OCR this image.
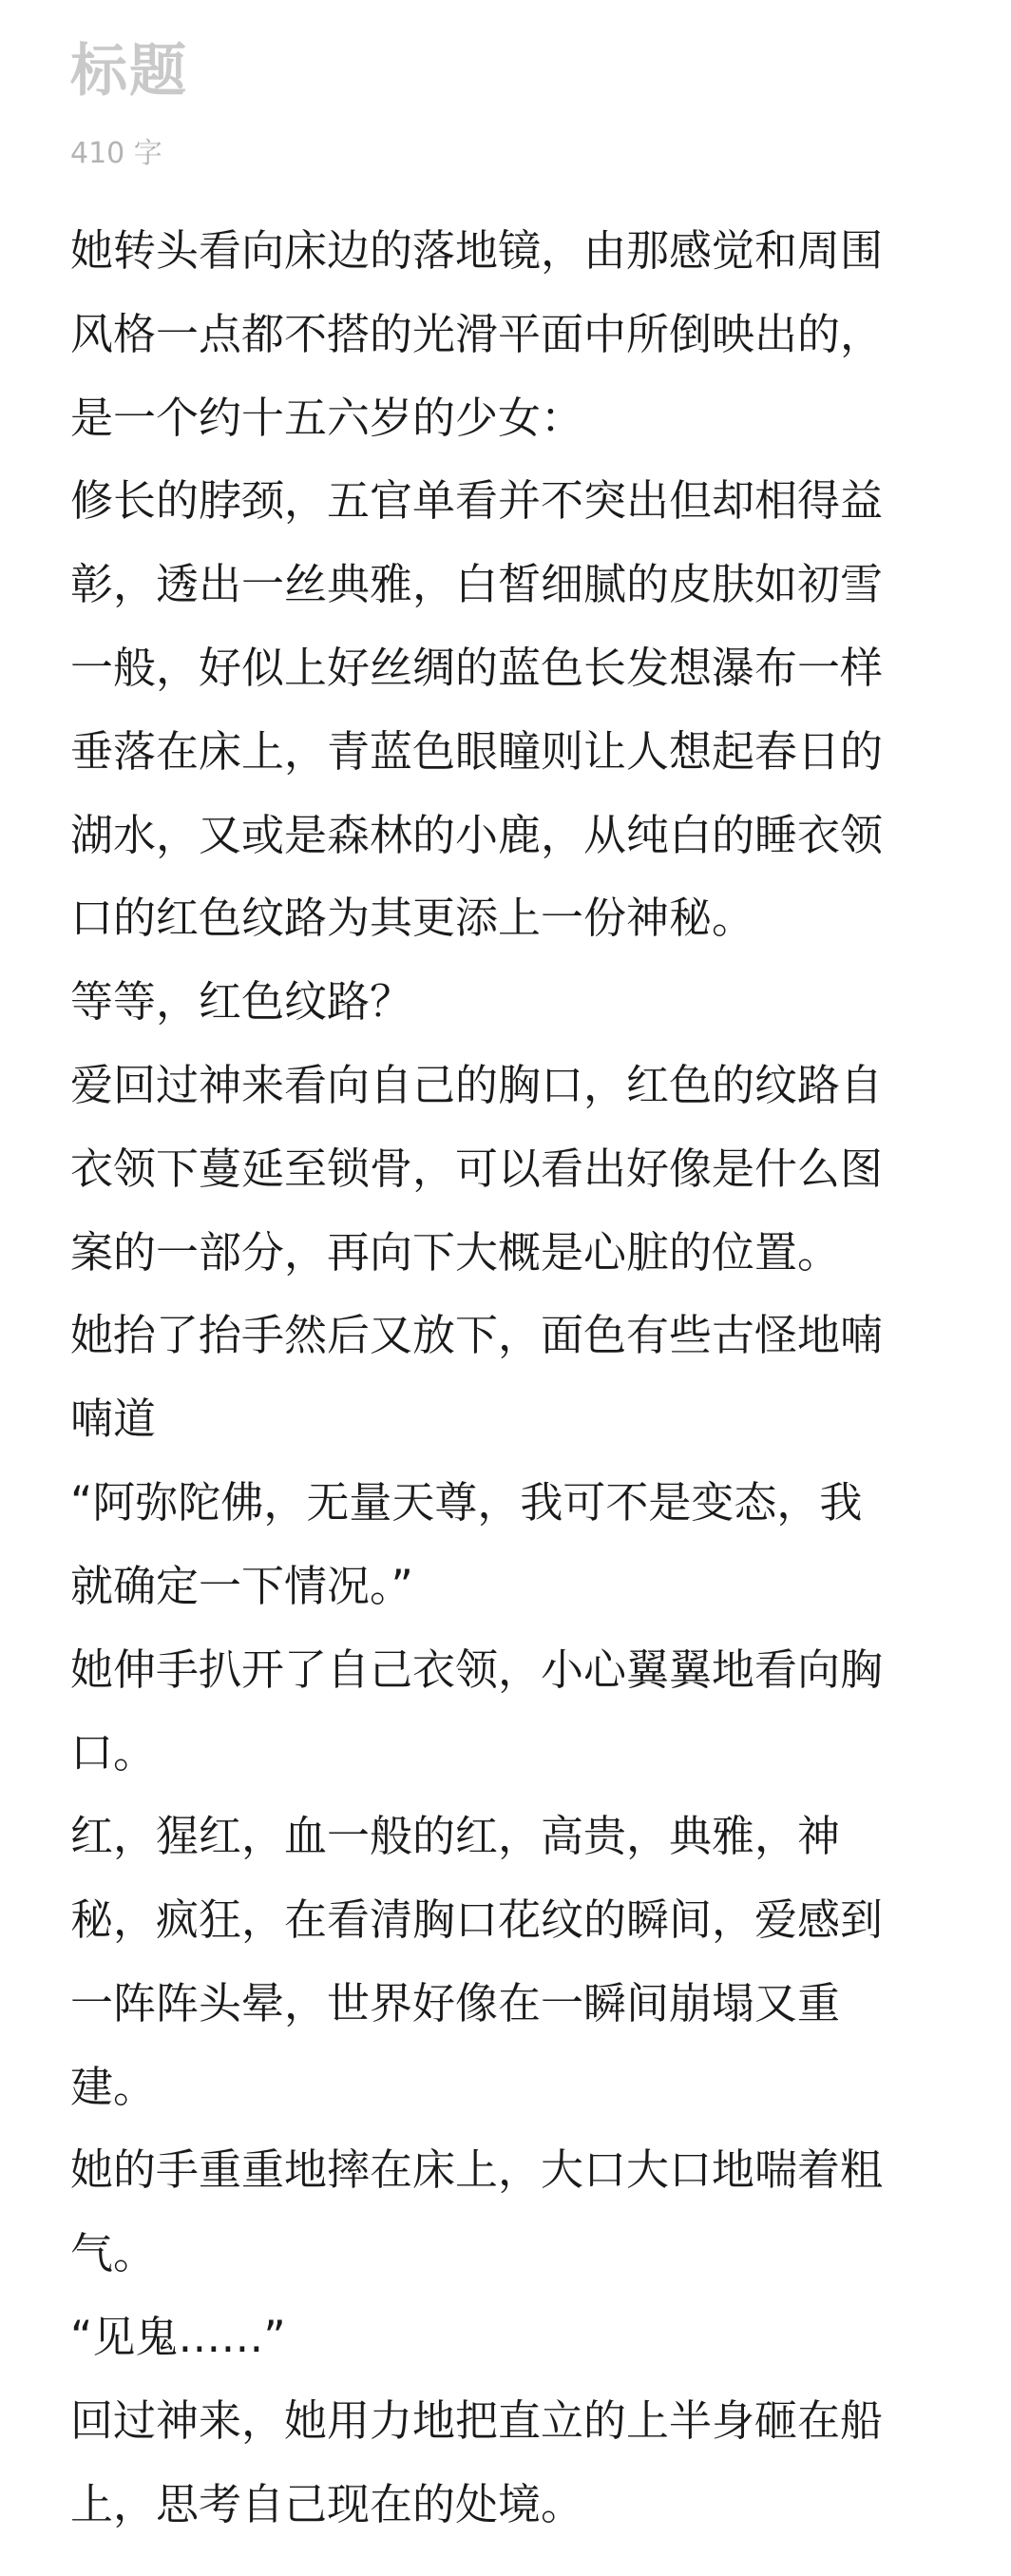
标题
410 字
她转头看向床边的落地镜，由那感觉和周围
风格一点都不搭的光滑平面中所倒映出的，
是一个约十五六岁的少女：
修长的脖颈，五官单看并不突出但却相得益
彰，透出一丝典雅，白皙细腻的皮肤如初雪
一般，好似上好丝绸的蓝色长发想瀑布一样
垂落在床上，青蓝色眼瞳则让人想起春日的
湖水，又或是森林的小鹿，从纯白的睡衣领
口的红色纹路为其更添上一份神秘。
等等，红色纹路？
爱回过神来看向自己的胸口，红色的纹路自
衣领下蔓延至锁骨，可以看出好像是什么图
案的一部分，再向下大概是心脏的位置。
她抬了抬手然后又放下，面色有些古怪地喃
喃道
“阿弥陀佛，无量天尊，我可不是变态，我
就确定一下情况。”
她伸手扒开了自己衣领，小心翼翼地看向胸
口。
红，猩红，血一般的红，高贵，典雅，神
秘，疯狂，在看清胸口花纹的瞬间，爱感到
一阵阵头晕，世界好像在一瞬间崩塌又重
建。
她的手重重地摔在床上，大口大口地喘着粗
气。
“见鬼……”
回过神来，她用力地把直立的上半身砸在船
上，思考自己现在的处境。
